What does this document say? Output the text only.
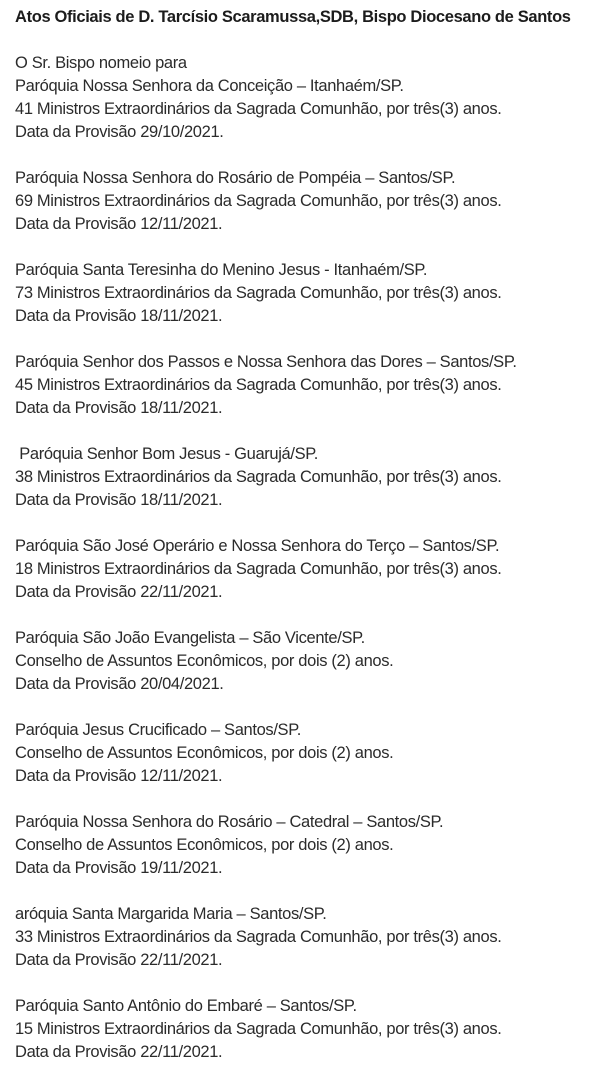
Atos Oficiais de D. Tarcísio Scaramussa,SDB, Bispo Diocesano de Santos
O Sr. Bispo nomeio para
Paróquia Nossa Senhora da Conceição – Itanhaém/SP.
41 Ministros Extraordinários da Sagrada Comunhão, por três(3) anos.
Data da Provisão 29/10/2021.
Paróquia Nossa Senhora do Rosário de Pompéia – Santos/SP.
69 Ministros Extraordinários da Sagrada Comunhão, por três(3) anos.
Data da Provisão 12/11/2021.
Paróquia Santa Teresinha do Menino Jesus - Itanhaém/SP.
73 Ministros Extraordinários da Sagrada Comunhão, por três(3) anos.
Data da Provisão 18/11/2021.
Paróquia Senhor dos Passos e Nossa Senhora das Dores – Santos/SP.
45 Ministros Extraordinários da Sagrada Comunhão, por três(3) anos.
Data da Provisão 18/11/2021.
Paróquia Senhor Bom Jesus - Guarujá/SP.
38 Ministros Extraordinários da Sagrada Comunhão, por três(3) anos.
Data da Provisão 18/11/2021.
Paróquia São José Operário e Nossa Senhora do Terço – Santos/SP.
18 Ministros Extraordinários da Sagrada Comunhão, por três(3) anos.
Data da Provisão 22/11/2021.
Paróquia São João Evangelista – São Vicente/SP.
Conselho de Assuntos Econômicos, por dois (2) anos.
Data da Provisão 20/04/2021.
Paróquia Jesus Crucificado – Santos/SP.
Conselho de Assuntos Econômicos, por dois (2) anos.
Data da Provisão 12/11/2021.
Paróquia Nossa Senhora do Rosário – Catedral – Santos/SP.
Conselho de Assuntos Econômicos, por dois (2) anos.
Data da Provisão 19/11/2021.
aróquia Santa Margarida Maria – Santos/SP.
33 Ministros Extraordinários da Sagrada Comunhão, por três(3) anos.
Data da Provisão 22/11/2021.
Paróquia Santo Antônio do Embaré – Santos/SP.
15 Ministros Extraordinários da Sagrada Comunhão, por três(3) anos.
Data da Provisão 22/11/2021.
